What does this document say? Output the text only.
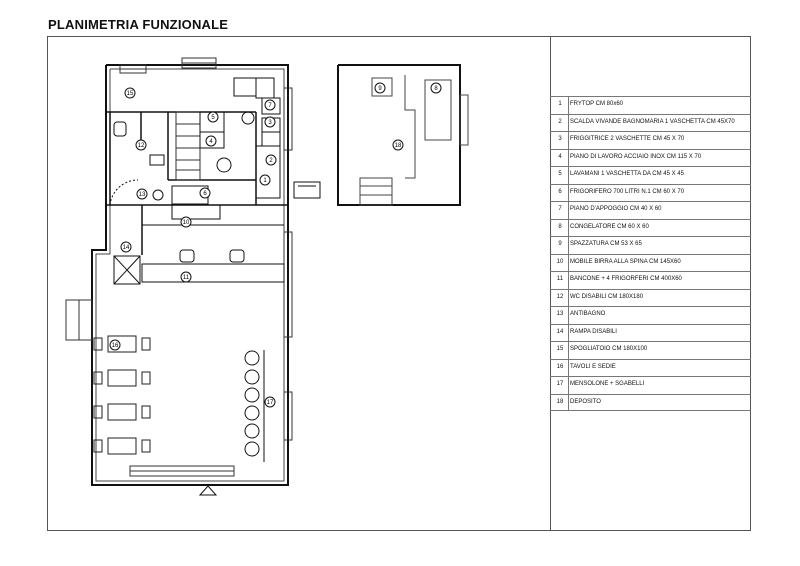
PLANIMETRIA FUNZIONALE
1
2
3
4
5
6
7
8
9
10
11
12
13
14
15
16
17
18
1	FRYTOP CM 80x60
2	SCALDA VIVANDE BAGNOMARIA 1 VASCHETTA CM 45X70
3	FRIGGITRICE 2 VASCHETTE CM 45 X 70
4	PIANO DI LAVORO ACCIAIO INOX CM 115 X 70
5	LAVAMANI 1 VASCHETTA DA CM 45 X 45
6	FRIGORIFERO 700 LITRI N.1 CM 60 X 70
7	PIANO D'APPOGGIO CM 40 X 60
8	CONGELATORE CM 60 X 60
9	SPAZZATURA CM 53 X 65
10	MOBILE BIRRA ALLA SPINA CM 145X60
11	BANCONE + 4 FRIGORFERI CM 400X60
12	WC DISABILI CM 180X180
13	ANTIBAGNO
14	RAMPA DISABILI
15	SPOGLIATOIO CM 180X100
16	TAVOLI E SEDIE
17	MENSOLONE + SGABELLI
18	DEPOSITO
